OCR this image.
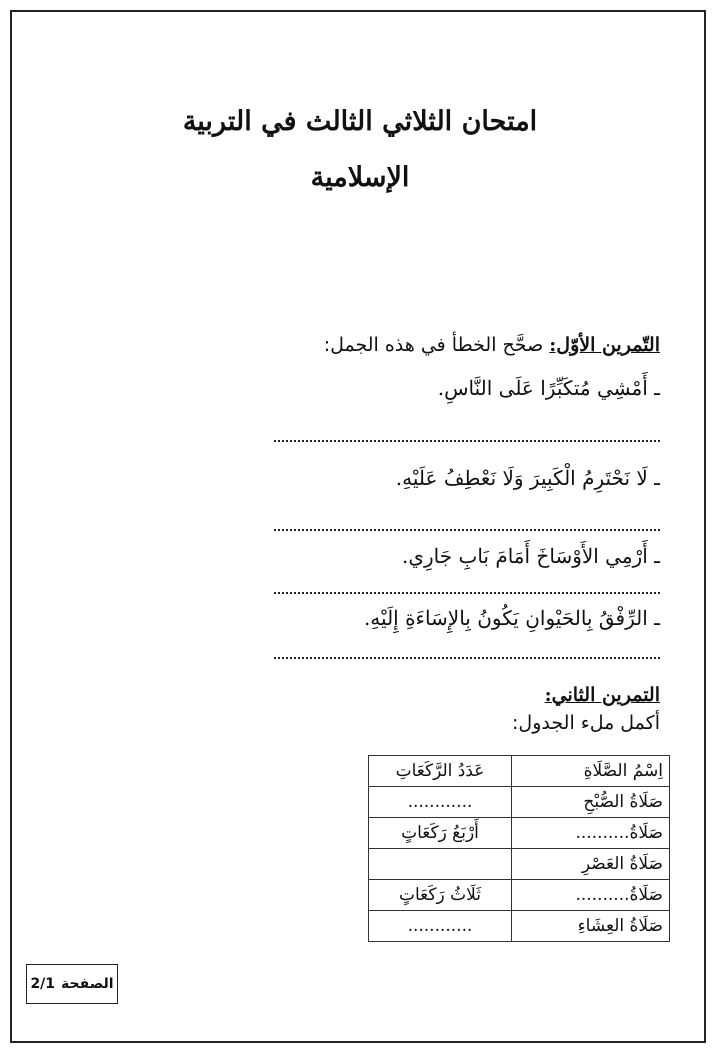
امتحان الثلاثي الثالث في التربية
الإسلامية
التّمرين الأوّل: صحَّح الخطأ في هذه الجمل:
ـ أَمْشِي مُتكَبِّرًا عَلَى النَّاسِ.
ـ لَا نَحْتَرِمُ الْكَبِيرَ وَلَا نَعْطِفُ عَلَيْهِ.
ـ أَرْمِي الأَوْسَاخَ أَمَامَ بَابِ جَارِي.
ـ الرِّفْقُ بِالحَيْوانِ يَكُونُ بِالإِسَاءَةِ إِلَيْهِ.
التمرين الثاني:
أكمل ملء الجدول:
اِسْمُ الصَّلَاةِ	عَدَدُ الرَّكَعَاتِ
صَلَاةُ الصُّبْحِ	............
صَلَاةُ..........	أَرْبَعُ رَكَعَاتٍ
صَلَاةُ العَصْرِ	
صَلَاةُ..........	ثَلَاثُ رَكَعَاتٍ
صَلَاةُ العِشَاءِ	............
الصفحة
2/1
